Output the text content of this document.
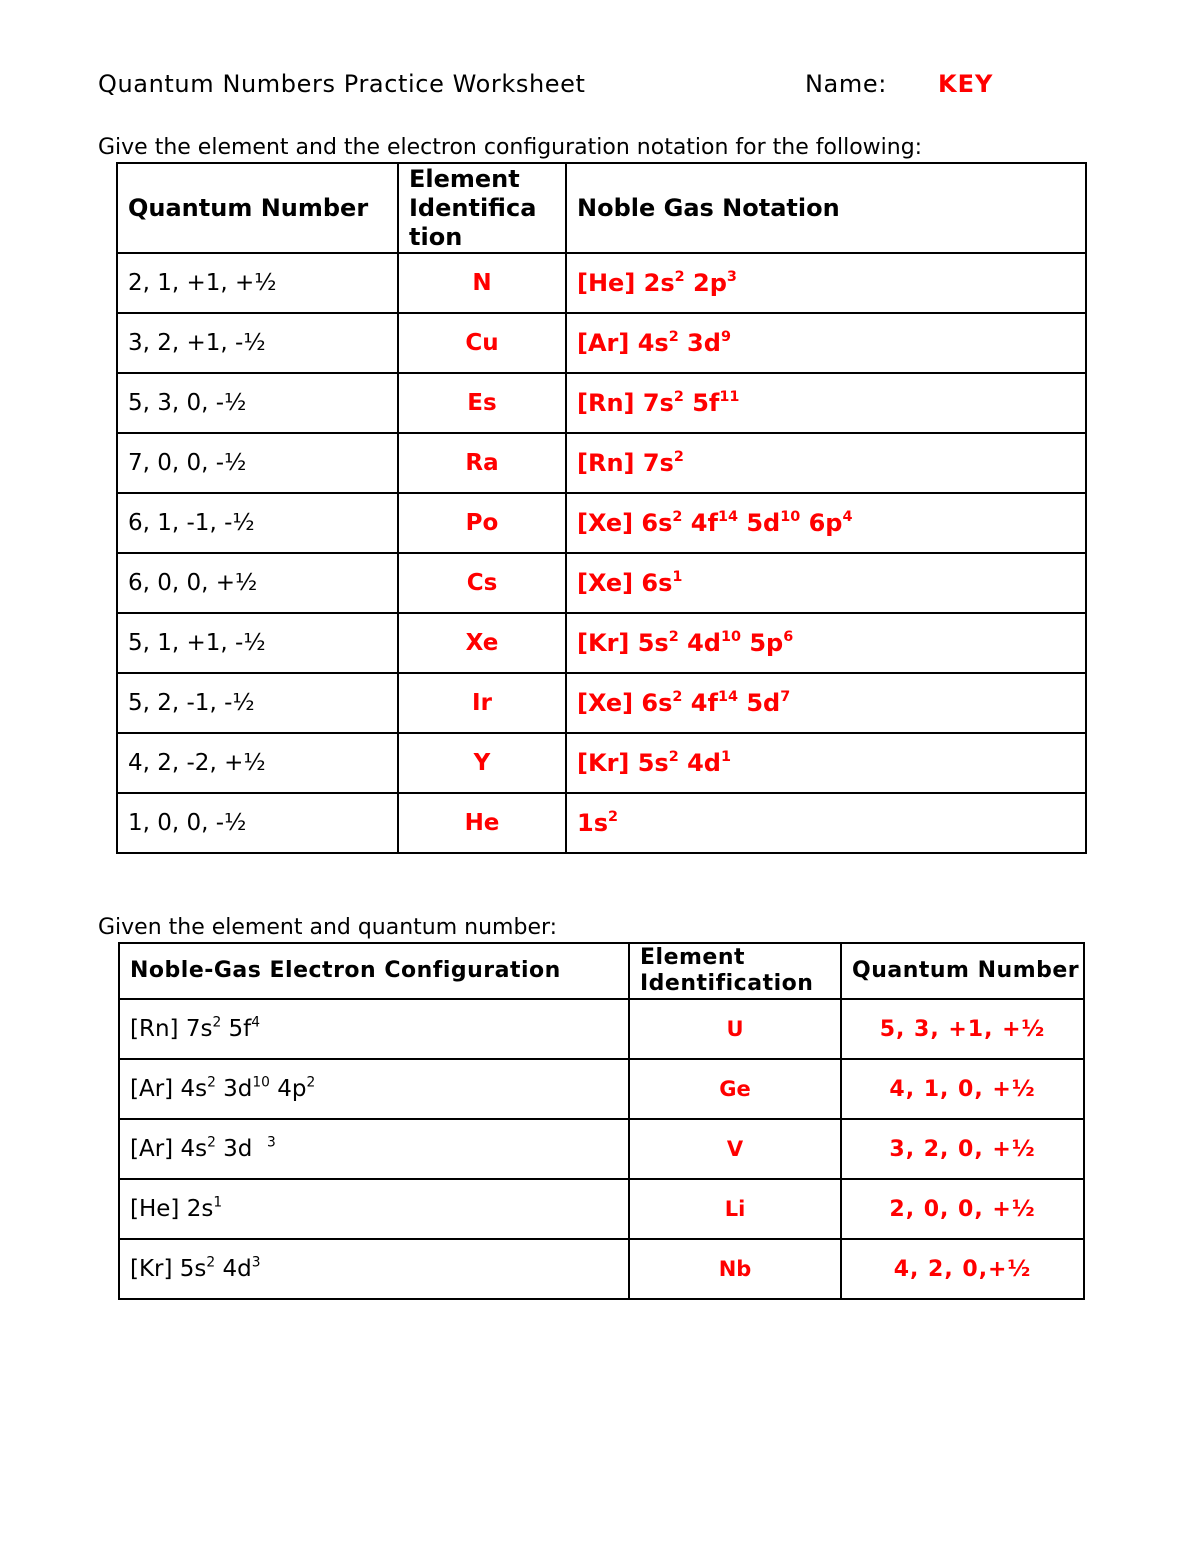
Quantum Numbers Practice Worksheet	Name: KEY
Give the element and the electron configuration notation for the following:
Quantum Number	Element Identifica tion	Noble Gas Notation
2, 1, +1, +½	N	[He] $2s^2$ $2p^3$
3, 2, +1, -½	Cu	[Ar] $4s^2$ $3d^9$
5, 3, 0, -½	Es	[Rn] $7s^2$ $5f^{11}$
7, 0, 0, -½	Ra	[Rn] $7s^2$
6, 1, -1, -½	Po	[Xe] $6s^2$ $4f^{14}$ $5d^{10}$ $6p^4$
6, 0, 0, +½	Cs	[Xe] $6s^1$
5, 1, +1, -½	Xe	[Kr] $5s^2$ $4d^{10}$ $5p^6$
5, 2, -1, -½	Ir	[Xe] $6s^2$ $4f^{14}$ $5d^7$
4, 2, -2, +½	Y	[Kr] $5s^2$ $4d^1$
1, 0, 0, -½	He	$1s^2$
Given the element and quantum number:
Noble-Gas Electron Configuration	Element Identification	Quantum Number
[Rn] $7s^2$ $5f^4$	U	5, 3, +1, +½
[Ar] $4s^2$ $3d^{10}$ $4p^2$	Ge	4, 1, 0, +½
[Ar] $4s^2$ 3d  $^3$	V	3, 2, 0, +½
[He] $2s^1$	Li	2, 0, 0, +½
[Kr] $5s^2$ $4d^3$	Nb	4, 2, 0,+½
